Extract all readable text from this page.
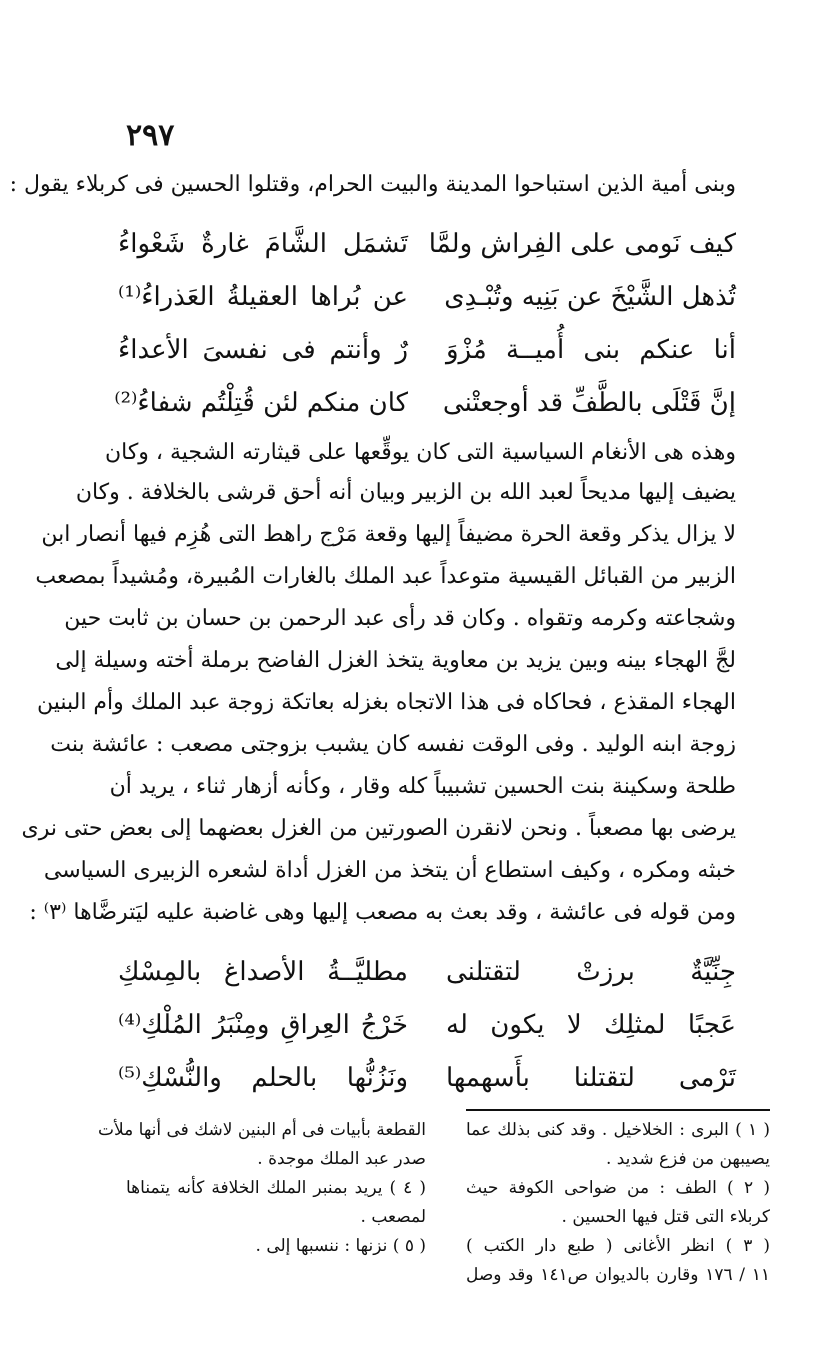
٢٩٧
وبنى أمية الذين استباحوا المدينة والبيت الحرام، وقتلوا الحسين فى كربلاء يقول :
كيف نَومى على الفِراش ولمَّا
تَشمَل الشَّامَ غارةٌ شَعْواءُ
تُذهل الشَّيْخَ عن بَنِيه وتُبْـدِى
عن بُراها العقيلةُ العَذراءُ⁽¹⁾
أنا عنكم بنى أُميــة مُزْوَ
رٌ وأنتم فى نفسىَ الأعداءُ
إنَّ قَتْلَى بالطَّفِّ قد أوجعتْنى
كان منكم لئن قُتِلْتُم شفاءُ⁽²⁾
وهذه هى الأنغام السياسية التى كان يوقِّعها على قيثارته الشجية ، وكان
يضيف إليها مديحاً لعبد الله بن الزبير وبيان أنه أحق قرشى بالخلافة . وكان
لا يزال يذكر وقعة الحرة مضيفاً إليها وقعة مَرْج راهط التى هُزِم فيها أنصار ابن
الزبير من القبائل القيسية متوعداً عبد الملك بالغارات المُبيرة، ومُشيداً بمصعب
وشجاعته وكرمه وتقواه . وكان قد رأى عبد الرحمن بن حسان بن ثابت حين
لجَّ الهجاء بينه وبين يزيد بن معاوية يتخذ الغزل الفاضح برملة أخته وسيلة إلى
الهجاء المقذع ، فحاكاه فى هذا الاتجاه بغزله بعاتكة زوجة عبد الملك وأم البنين
زوجة ابنه الوليد . وفى الوقت نفسه كان يشبب بزوجتى مصعب : عائشة بنت
طلحة وسكينة بنت الحسين تشبيباً كله وقار ، وكأنه أزهار ثناء ، يريد أن
يرضى بها مصعباً . ونحن لانقرن الصورتين من الغزل بعضهما إلى بعض حتى نرى
خبثه ومكره ، وكيف استطاع أن يتخذ من الغزل أداة لشعره الزبيرى السياسى
ومن قوله فى عائشة ، وقد بعث به مصعب إليها وهى غاضبة عليه ليَترضَّاها ⁽٣⁾ :
جِنِّيَّةٌ برزتْ لتقتلنى
مطليَّــةُ الأصداغ بالمِسْكِ
عَجبًا لمثلِك لا يكون له
خَرْجُ العِراقِ ومِنْبَرُ المُلْكِ⁽⁴⁾
تَرْمى لتقتلنا بأَسهمها
ونَزُنُّها بالحلم والنُّسْكِ⁽⁵⁾
( ١ ) البرى : الخلاخيل . وقد كنى بذلك عما
يصيبهن من فزع شديد .
( ٢ ) الطف : من ضواحى الكوفة حيث
كربلاء التى قتل فيها الحسين .
( ٣ ) انظر الأغانى ( طبع دار الكتب )
١١ / ١٧٦ وقارن بالديوان ص١٤١ وقد وصل
القطعة بأبيات فى أم البنين لاشك فى أنها ملأت
صدر عبد الملك موجدة .
( ٤ ) يريد بمنبر الملك الخلافة كأنه يتمناها
لمصعب .
( ٥ ) نزنها : ننسبها إلى .
